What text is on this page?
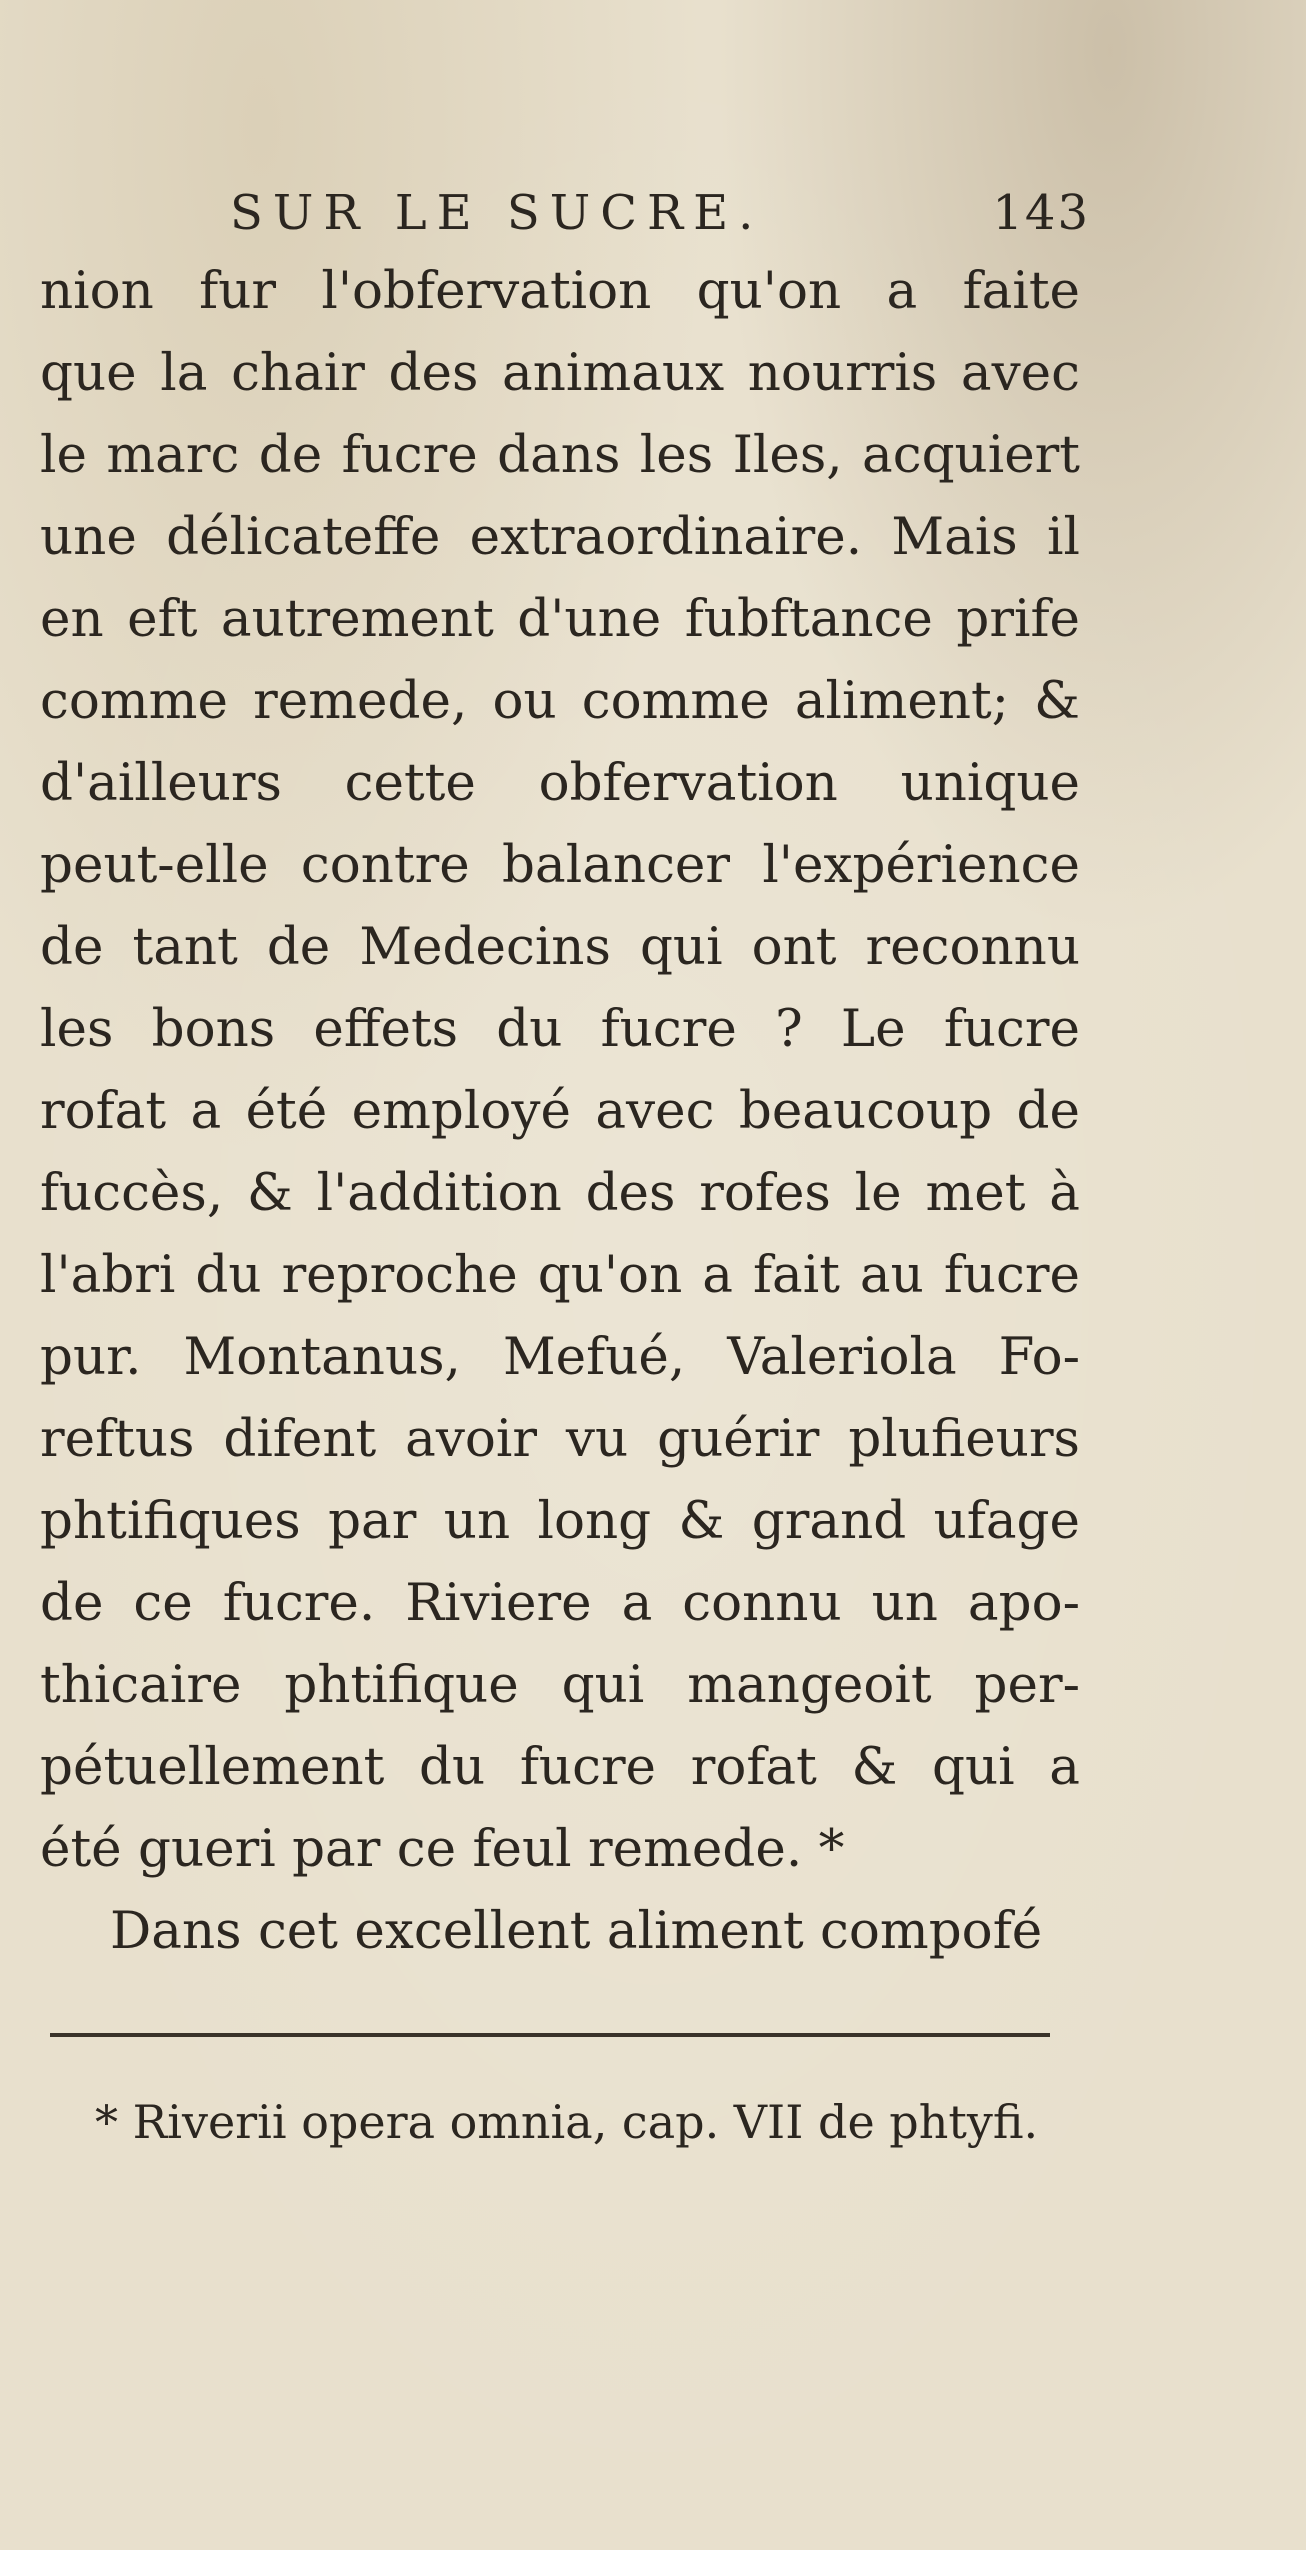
SUR LE SUCRE.	143
nion fur l'obfervation qu'on a faite
que la chair des animaux nourris avec
le marc de fucre dans les Iles, acquiert
une délicateffe extraordinaire. Mais il
en eft autrement d'une fubftance prife
comme remede, ou comme aliment; &
d'ailleurs cette obfervation unique
peut-elle contre balancer l'expérience
de tant de Medecins qui ont reconnu
les bons effets du fucre ? Le fucre
rofat a été employé avec beaucoup de
fuccès, & l'addition des rofes le met à
l'abri du reproche qu'on a fait au fucre
pur. Montanus, Mefué, Valeriola Fo-
reftus difent avoir vu guérir plufieurs
phtifiques par un long & grand ufage
de ce fucre. Riviere a connu un apo-
thicaire phtifique qui mangeoit per-
pétuellement du fucre rofat & qui a
été gueri par ce feul remede. *
Dans cet excellent aliment compofé
* Riverii opera omnia, cap. VII de phtyfi.
